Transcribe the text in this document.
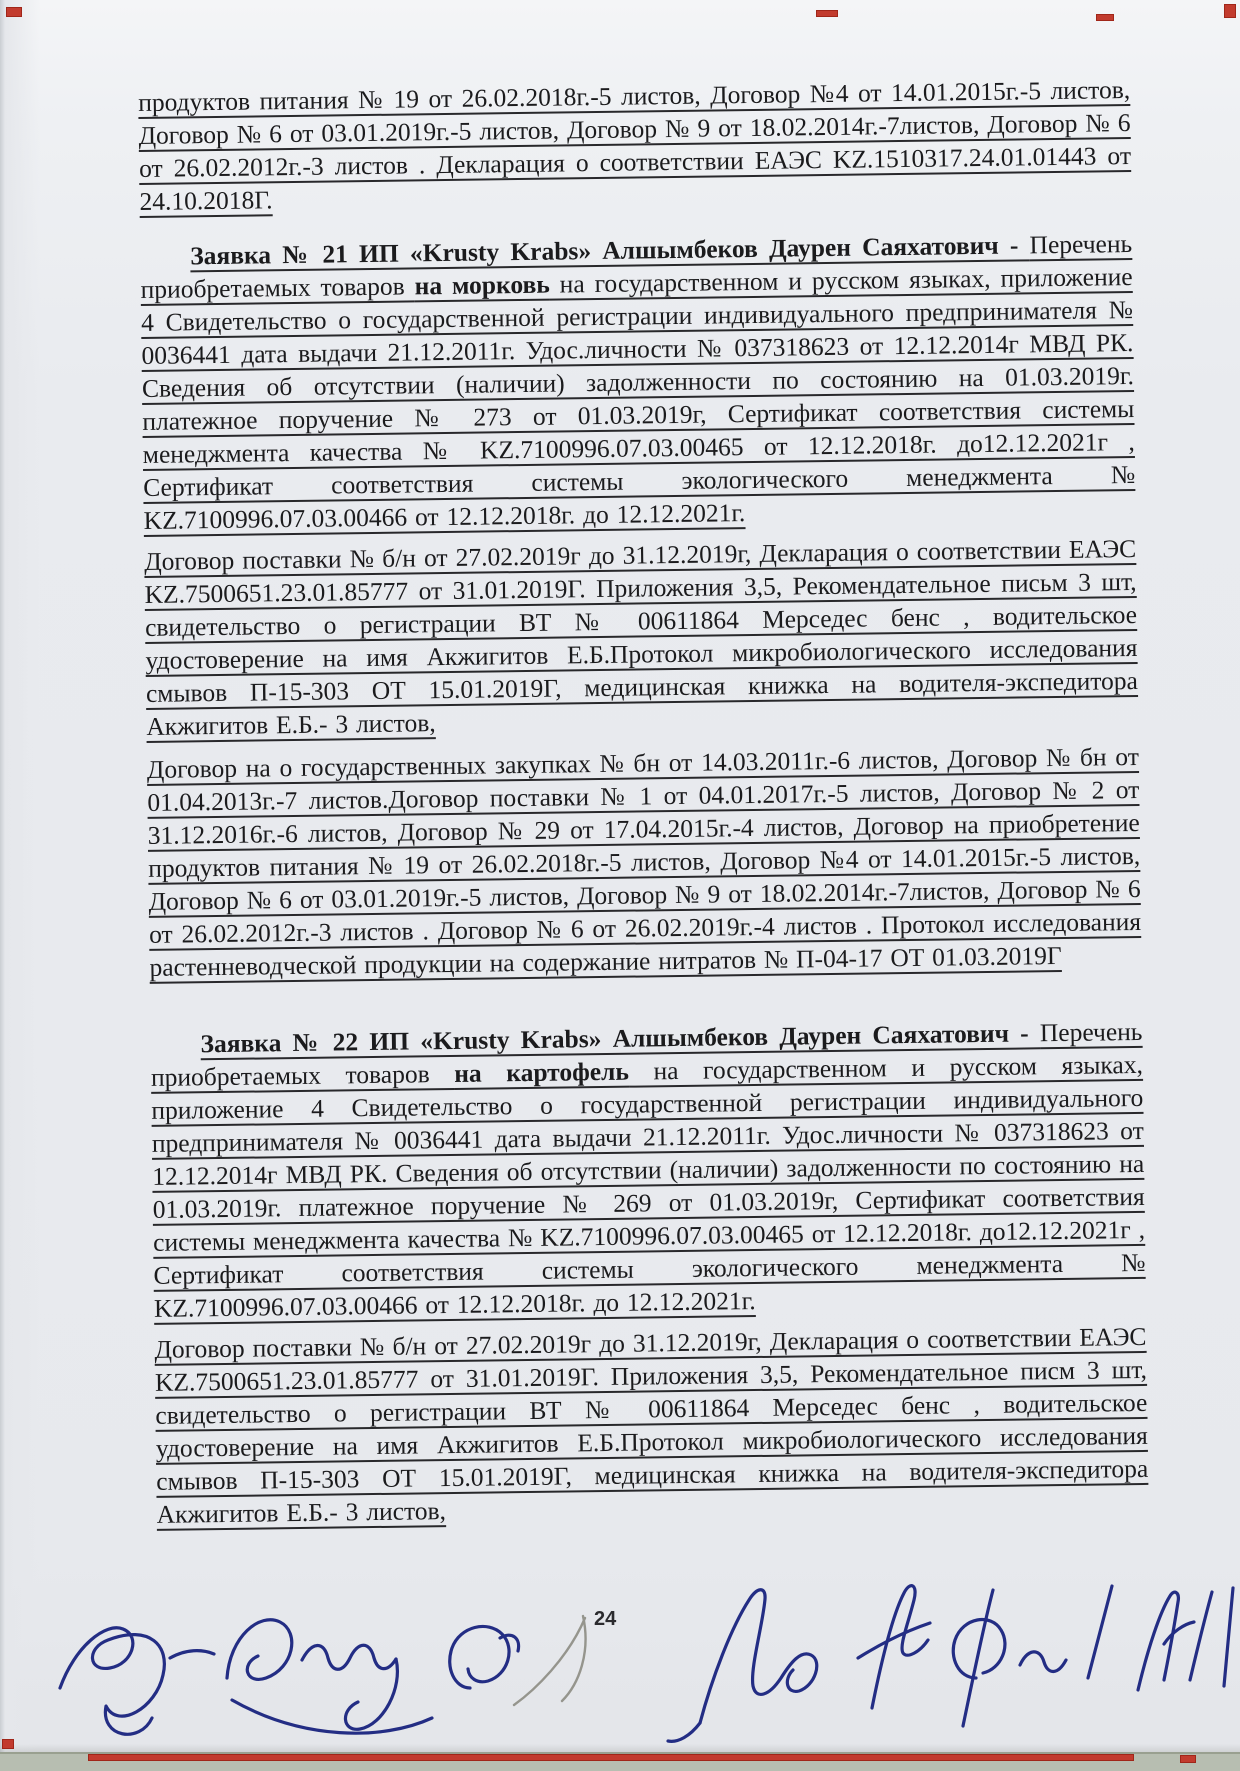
продуктов питания № 19 от 26.02.2018г.-5 листов, Договор №4 от 14.01.2015г.-5 листов, Договор № 6 от 03.01.2019г.-5 листов, Договор № 9 от 18.02.2014г.-7листов, Договор № 6 от 26.02.2012г.-3 листов . Декларация о соответствии ЕАЭС KZ.1510317.24.01.01443 от 24.10.2018Г.

Заявка № 21 ИП «Krusty Krabs» Алшымбеков Даурен Саяхатович - Перечень приобретаемых товаров на морковь на государственном и русском языках, приложение 4 Свидетельство о государственной регистрации индивидуального предпринимателя № 0036441 дата выдачи 21.12.2011г. Удос.личности № 037318623 от 12.12.2014г МВД РК. Сведения об отсутствии (наличии) задолженности по состоянию на 01.03.2019г. платежное поручение № 273 от 01.03.2019г, Сертификат соответствия системы менеджмента качества № KZ.7100996.07.03.00465 от 12.12.2018г. до12.12.2021г , Сертификат соответствия системы экологического менеджмента № KZ.7100996.07.03.00466 от 12.12.2018г. до 12.12.2021г.

Договор поставки № б/н от 27.02.2019г до 31.12.2019г, Декларация о соответствии ЕАЭС KZ.7500651.23.01.85777 от 31.01.2019Г. Приложения 3,5, Рекомендательное письм 3 шт, свидетельство о регистрации ВТ № 00611864 Мерседес бенс , водительское удостоверение на имя Акжигитов Е.Б.Протокол микробиологического исследования смывов П-15-303 ОТ 15.01.2019Г, медицинская книжка на водителя-экспедитора Акжигитов Е.Б.- 3 листов,

Договор на о государственных закупках № бн от 14.03.2011г.-6 листов, Договор № бн от 01.04.2013г.-7 листов.Договор поставки № 1 от 04.01.2017г.-5 листов, Договор № 2 от 31.12.2016г.-6 листов, Договор № 29 от 17.04.2015г.-4 листов, Договор на приобретение продуктов питания № 19 от 26.02.2018г.-5 листов, Договор №4 от 14.01.2015г.-5 листов, Договор № 6 от 03.01.2019г.-5 листов, Договор № 9 от 18.02.2014г.-7листов, Договор № 6 от 26.02.2012г.-3 листов . Договор № 6 от 26.02.2019г.-4 листов . Протокол исследования растенневодческой продукции на содержание нитратов № П-04-17 ОТ 01.03.2019Г

Заявка № 22 ИП «Krusty Krabs» Алшымбеков Даурен Саяхатович - Перечень приобретаемых товаров на картофель на государственном и русском языках, приложение 4 Свидетельство о государственной регистрации индивидуального предпринимателя № 0036441 дата выдачи 21.12.2011г. Удос.личности № 037318623 от 12.12.2014г МВД РК. Сведения об отсутствии (наличии) задолженности по состоянию на 01.03.2019г. платежное поручение № 269 от 01.03.2019г, Сертификат соответствия системы менеджмента качества № KZ.7100996.07.03.00465 от 12.12.2018г. до12.12.2021г , Сертификат соответствия системы экологического менеджмента № KZ.7100996.07.03.00466 от 12.12.2018г. до 12.12.2021г.

Договор поставки № б/н от 27.02.2019г до 31.12.2019г, Декларация о соответствии ЕАЭС KZ.7500651.23.01.85777 от 31.01.2019Г. Приложения 3,5, Рекомендательное писм 3 шт, свидетельство о регистрации ВТ № 00611864 Мерседес бенс , водительское удостоверение на имя Акжигитов Е.Б.Протокол микробиологического исследования смывов П-15-303 ОТ 15.01.2019Г, медицинская книжка на водителя-экспедитора Акжигитов Е.Б.- 3 листов,

24
